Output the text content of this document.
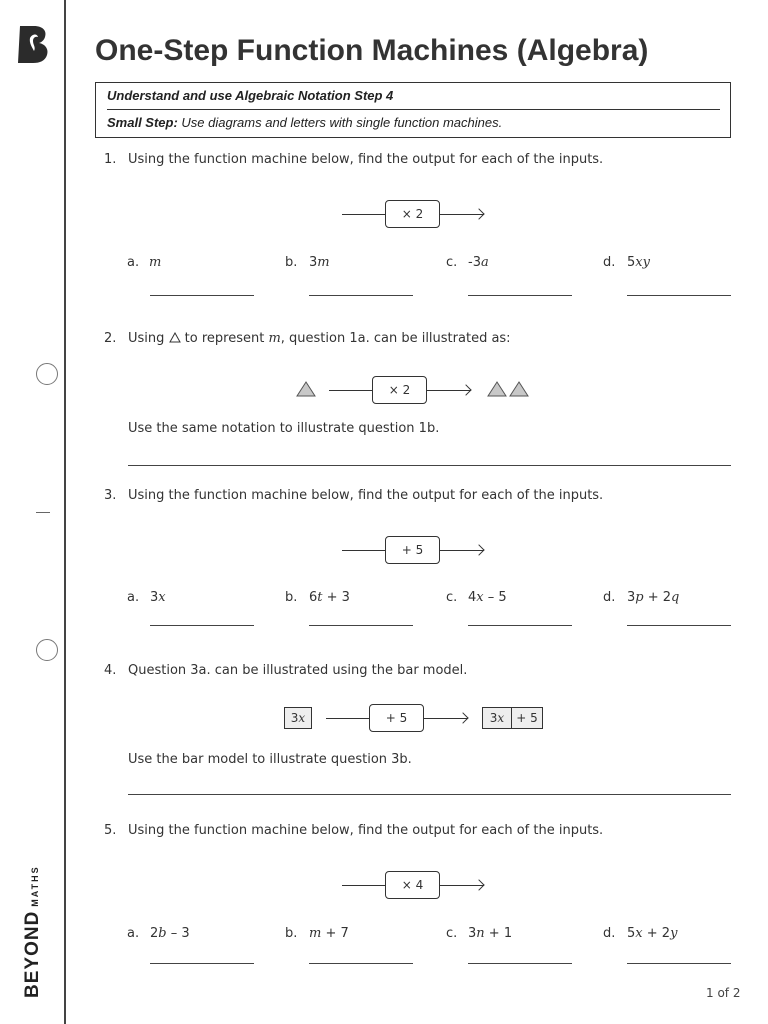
BEYOND
MATHS
One-Step Function Machines (Algebra)
Understand and use Algebraic Notation Step 4
Small Step: Use diagrams and letters with single function machines.
1. Using the function machine below, find the output for each of the inputs.
× 2
a. m	b. 3m	c. -3a	d. 5xy
2. Using  to represent m, question 1a. can be illustrated as:
× 2
Use the same notation to illustrate question 1b.
3. Using the function machine below, find the output for each of the inputs.
+ 5
a. 3x	b. 6t + 3	c. 4x – 5	d. 3p + 2q
4. Question 3a. can be illustrated using the bar model.
3 x	+ 5	3 x	+ 5
Use the bar model to illustrate question 3b.
5. Using the function machine below, find the output for each of the inputs.
× 4
a. 2b – 3	b. m + 7	c. 3n + 1	d. 5x + 2y
1 of 2
